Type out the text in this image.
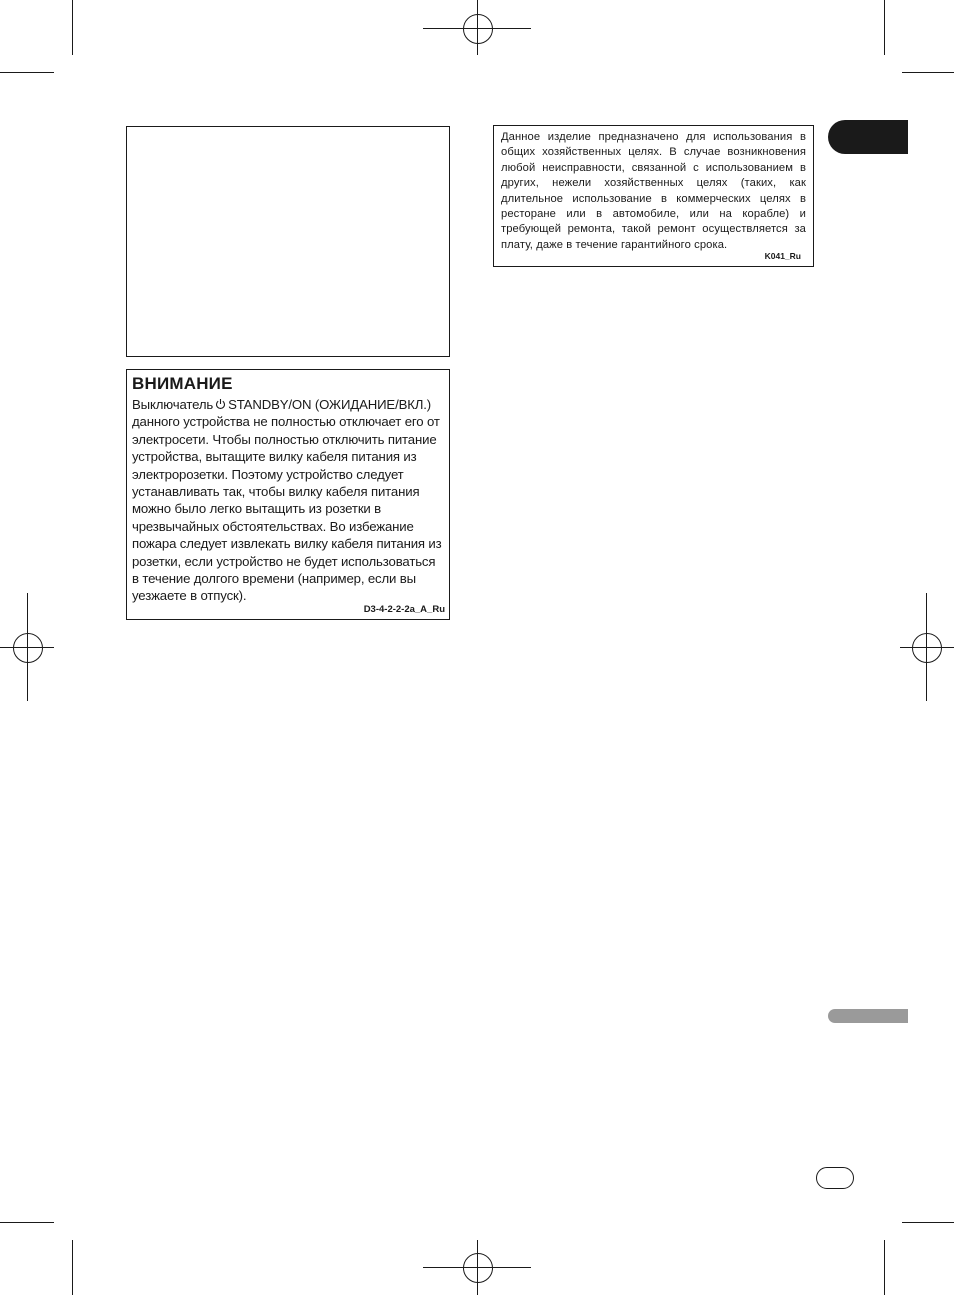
ВНИМАНИЕ
Выключатель STANDBY/ON (ОЖИДАНИЕ/ВКЛ.) данного устройства не полностью отключает его от электросети. Чтобы полностью отключить питание устройства, вытащите вилку кабеля питания из электророзетки. Поэтому устройство следует устанавливать так, чтобы вилку кабеля питания можно было легко вытащить из розетки в чрезвычайных обстоятельствах. Во избежание пожара следует извлекать вилку кабеля питания из розетки, если устройство не будет использоваться в течение долгого времени (например, если вы уезжаете в отпуск).
D3-4-2-2-2a_A_Ru
Данное изделие предназначено для использования в общих хозяйственных целях. В случае возникновения любой неисправности, связанной с использованием в других, нежели хозяйственных целях (таких, как длительное использование в коммерческих целях в ресторане или в автомобиле, или на корабле) и требующей ремонта, такой ремонт осуществляется за плату, даже в течение гарантийного срока.
K041_Ru
